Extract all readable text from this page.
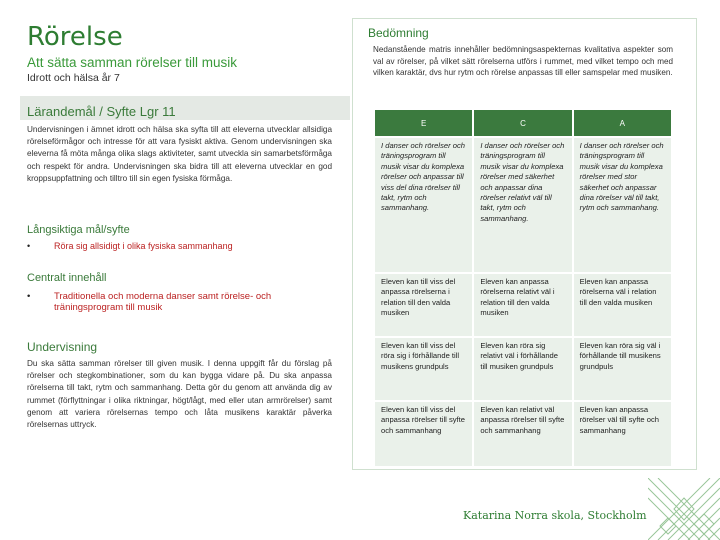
Rörelse
Att sätta samman rörelser till musik
Idrott och hälsa år 7
Lärandemål / Syfte Lgr 11
Undervisningen i ämnet idrott och hälsa ska syfta till att eleverna utvecklar allsidiga rörelseförmågor och intresse för att vara fysiskt aktiva. Genom undervisningen ska eleverna få möta många olika slags aktiviteter, samt utveckla sin samarbetsförmåga och respekt för andra. Undervisningen ska bidra till att eleverna utvecklar en god kroppsuppfattning och tilltro till sin egen fysiska förmåga.
Långsiktiga mål/syfte
•	Röra sig allsidigt i olika fysiska sammanhang
Centralt innehåll
• Traditionella och moderna danser samt rörelse- och träningsprogram till musik
Undervisning
Du ska sätta samman rörelser till given musik. I denna uppgift får du förslag på rörelser och stegkombinationer, som du kan bygga vidare på. Du ska anpassa rörelserna till takt, rytm och sammanhang. Detta gör du genom att använda dig av rummet (förflyttningar i olika riktningar, högt/lågt, med eller utan armrörelser) samt genom att variera rörelsernas tempo och låta musikens karaktär påverka rörelsernas uttryck.
Bedömning
Nedanstående matris innehåller bedömningsaspekternas kvalitativa aspekter som val av rörelser, på vilket sätt rörelserna utförs i rummet, med vilket tempo och med vilken karaktär, dvs hur rytm och rörelse anpassas till eller samspelar med musiken.
E	C	A
I danser och rörelser och träningsprogram till musik visar du komplexa rörelser och anpassar till viss del dina rörelser till takt, rytm och sammanhang.	I danser och rörelser och träningsprogram till musik visar du komplexa rörelser med säkerhet och anpassar dina rörelser relativt väl till takt, rytm och sammanhang.	I danser och rörelser och träningsprogram till musik visar du komplexa rörelser med stor säkerhet och anpassar dina rörelser väl till takt, rytm och sammanhang.
Eleven kan till viss del anpassa rörelserna i relation till den valda musiken	Eleven kan anpassa rörelserna relativt väl i relation till den valda musiken	Eleven kan anpassa rörelserna väl i relation till den valda musiken
Eleven kan till viss del röra sig i förhållande till musikens grundpuls	Eleven kan röra sig relativt väl i förhållande till musiken grundpuls	Eleven kan röra sig väl i förhållande till musikens grundpuls
Eleven kan till viss del anpassa rörelser till syfte och sammanhang	Eleven kan relativt väl anpassa rörelser till syfte och sammanhang	Eleven kan anpassa rörelser väl till syfte och sammanhang
Katarina Norra skola, Stockholm
